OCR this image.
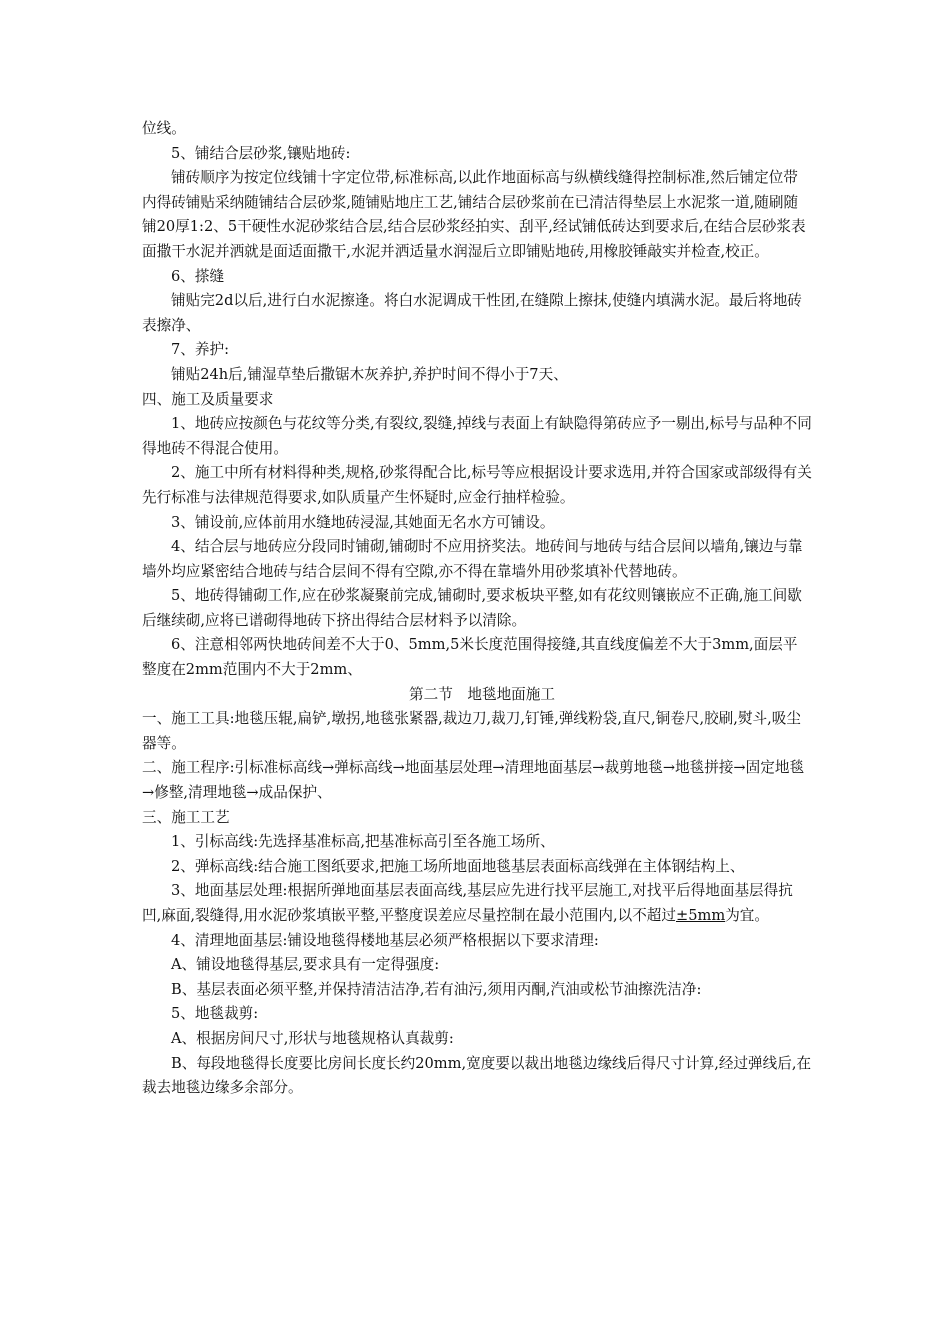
位线。

5、铺结合层砂浆,镶贴地砖:

铺砖顺序为按定位线铺十字定位带,标准标高,以此作地面标高与纵横线缝得控制标准,然后铺定位带内得砖铺贴采纳随铺结合层砂浆,随铺贴地庄工艺,铺结合层砂浆前在已清洁得垫层上水泥浆一道,随刷随铺20厚1:2、5干硬性水泥砂浆结合层,结合层砂浆经拍实、刮平,经试铺低砖达到要求后,在结合层砂浆表面撒干水泥并洒就是面适面撒干,水泥并洒适量水润湿后立即铺贴地砖,用橡胶锤敲实并检查,校正。

6、搽缝

铺贴完2d以后,进行白水泥擦逢。将白水泥调成干性团,在缝隙上擦抹,使缝内填满水泥。最后将地砖表擦净、

7、养护:

铺贴24h后,铺湿草垫后撒锯木灰养护,养护时间不得小于7天、

四、施工及质量要求

1、地砖应按颜色与花纹等分类,有裂纹,裂缝,掉线与表面上有缺隐得第砖应予一剔出,标号与品种不同得地砖不得混合使用。

2、施工中所有材料得种类,规格,砂浆得配合比,标号等应根据设计要求选用,并符合国家或部级得有关先行标准与法律规范得要求,如队质量产生怀疑时,应金行抽样检验。

3、铺设前,应体前用水缝地砖浸湿,其她面无名水方可铺设。

4、结合层与地砖应分段同时铺砌,铺砌时不应用挤奖法。地砖间与地砖与结合层间以墙角,镶边与靠墙外均应紧密结合地砖与结合层间不得有空隙,亦不得在靠墙外用砂浆填补代替地砖。

5、地砖得铺砌工作,应在砂浆凝聚前完成,铺砌时,要求板块平整,如有花纹则镶嵌应不正确,施工间歇后继续砌,应将已谱砌得地砖下挤出得结合层材料予以清除。

6、注意相邻两快地砖间差不大于0、5mm,5米长度范围得接缝,其直线度偏差不大于3mm,面层平整度在2mm范围内不大于2mm、

第二节　地毯地面施工

一、施工工具:地毯压辊,扁铲,墩拐,地毯张紧器,裁边刀,裁刀,钉锤,弹线粉袋,直尺,铜卷尺,胶刷,熨斗,吸尘器等。

二、施工程序:引标准标高线→弹标高线→地面基层处理→清理地面基层→裁剪地毯→地毯拼接→固定地毯→修整,清理地毯→成品保护、

三、施工工艺

1、引标高线:先选择基准标高,把基准标高引至各施工场所、

2、弹标高线:结合施工图纸要求,把施工场所地面地毯基层表面标高线弹在主体钢结构上、

3、地面基层处理:根据所弹地面基层表面高线,基层应先进行找平层施工,对找平后得地面基层得抗凹,麻面,裂缝得,用水泥砂浆填嵌平整,平整度误差应尽量控制在最小范围内,以不超过±5mm为宜。

4、清理地面基层:铺设地毯得楼地基层必须严格根据以下要求清理:

A、铺设地毯得基层,要求具有一定得强度:

B、基层表面必须平整,并保持清洁洁净,若有油污,须用丙酮,汽油或松节油擦洗洁净:

5、地毯裁剪:

A、根据房间尺寸,形状与地毯规格认真裁剪:

B、每段地毯得长度要比房间长度长约20mm,宽度要以裁出地毯边缘线后得尺寸计算,经过弹线后,在裁去地毯边缘多余部分。
